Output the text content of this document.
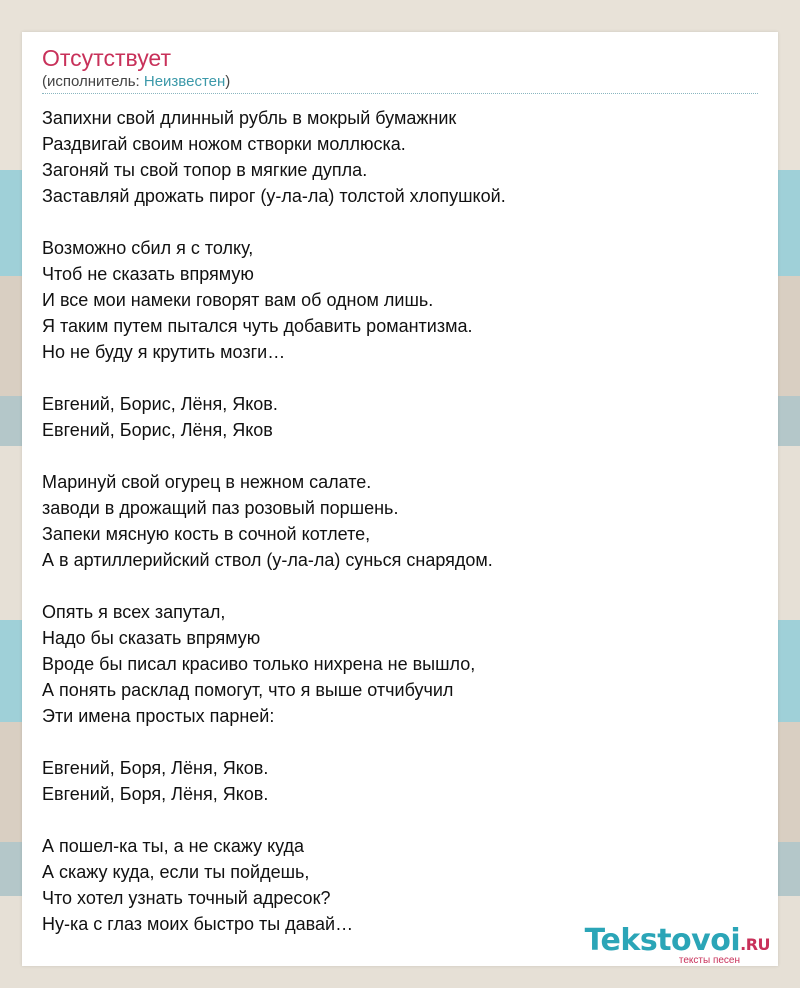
Отсутствует
(исполнитель: Неизвестен)
Запихни свой длинный рубль в мокрый бумажник
Раздвигай своим ножом створки моллюска.
Загоняй ты свой топор в мягкие дупла.
Заставляй дрожать пирог (у-ла-ла) толстой хлопушкой.
Возможно сбил я с толку,
Чтоб не сказать впрямую
И все мои намеки говорят вам об одном лишь.
Я таким путем пытался чуть добавить романтизма.
Но не буду я крутить мозги…
Евгений, Борис, Лёня, Яков.
Евгений, Борис, Лёня, Яков
Маринуй свой огурец в нежном салате.
заводи в дрожащий паз розовый поршень.
Запеки мясную кость в сочной котлете,
А в артиллерийский ствол (у-ла-ла) сунься снарядом.
Опять я всех запутал,
Надо бы сказать впрямую
Вроде бы писал красиво только нихрена не вышло,
А понять расклад помогут, что я выше отчибучил
Эти имена простых парней:
Евгений, Боря, Лёня, Яков.
Евгений, Боря, Лёня, Яков.
А пошел-ка ты, а не скажу куда
А скажу куда, если ты пойдешь,
Что хотел узнать точный адресок?
Ну-ка с глаз моих быстро ты давай…	Tekstovoi.RU
тексты песен
